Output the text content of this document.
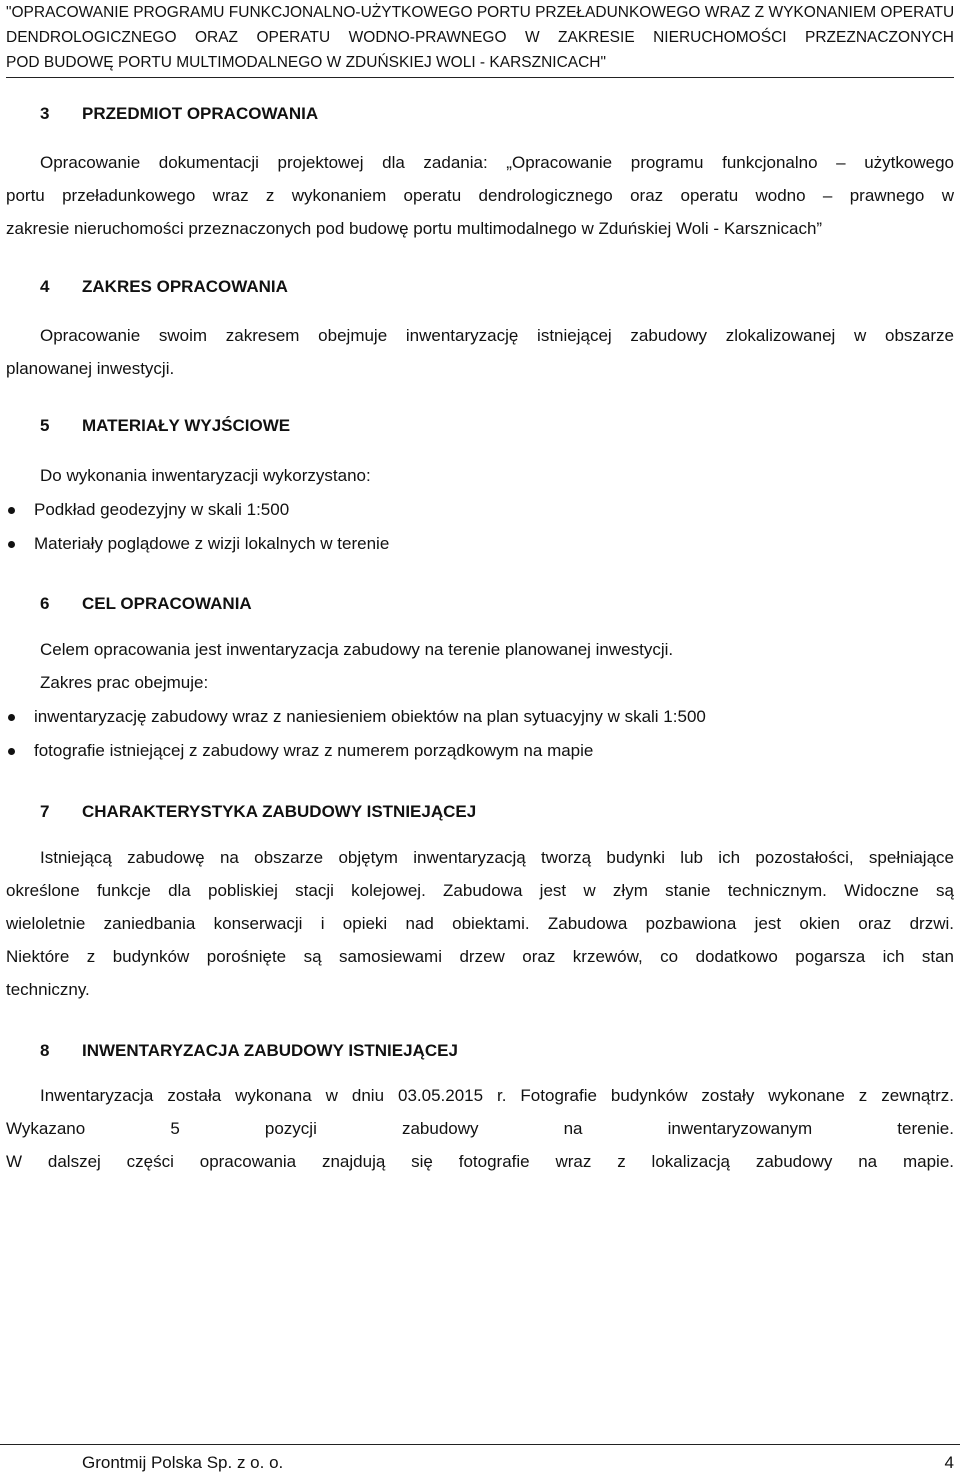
"OPRACOWANIE PROGRAMU FUNKCJONALNO-UŻYTKOWEGO PORTU PRZEŁADUNKOWEGO WRAZ Z WYKONANIEM OPERATU
DENDROLOGICZNEGO ORAZ OPERATU WODNO-PRAWNEGO W ZAKRESIE NIERUCHOMOŚCI PRZEZNACZONYCH
POD BUDOWĘ PORTU MULTIMODALNEGO W ZDUŃSKIEJ WOLI - KARSZNICACH"
3 PRZEDMIOT OPRACOWANIA
Opracowanie dokumentacji projektowej dla zadania: „Opracowanie programu funkcjonalno – użytkowego
portu przeładunkowego wraz z wykonaniem operatu dendrologicznego oraz operatu wodno – prawnego w
zakresie nieruchomości przeznaczonych pod budowę portu multimodalnego w Zduńskiej Woli - Karsznicach”
4 ZAKRES OPRACOWANIA
Opracowanie swoim zakresem obejmuje inwentaryzację istniejącej zabudowy zlokalizowanej w obszarze
planowanej inwestycji.
5 MATERIAŁY WYJŚCIOWE
Do wykonania inwentaryzacji wykorzystano:
Podkład geodezyjny w skali 1:500
Materiały poglądowe z wizji lokalnych w terenie
6 CEL OPRACOWANIA
Celem opracowania jest inwentaryzacja zabudowy na terenie planowanej inwestycji.
Zakres prac obejmuje:
inwentaryzację zabudowy wraz z naniesieniem obiektów na plan sytuacyjny w skali 1:500
fotografie istniejącej z zabudowy wraz z numerem porządkowym na mapie
7 CHARAKTERYSTYKA ZABUDOWY ISTNIEJĄCEJ
Istniejącą zabudowę na obszarze objętym inwentaryzacją tworzą budynki lub ich pozostałości, spełniające
określone funkcje dla pobliskiej stacji kolejowej. Zabudowa jest w złym stanie technicznym. Widoczne są
wieloletnie zaniedbania konserwacji i opieki nad obiektami. Zabudowa pozbawiona jest okien oraz drzwi.
Niektóre z budynków porośnięte są samosiewami drzew oraz krzewów, co dodatkowo pogarsza ich stan
techniczny.
8 INWENTARYZACJA ZABUDOWY ISTNIEJĄCEJ
Inwentaryzacja została wykonana w dniu 03.05.2015 r. Fotografie budynków zostały wykonane z zewnątrz.
Wykazano 5 pozycji zabudowy na inwentaryzowanym terenie.
W dalszej części opracowania znajdują się fotografie wraz z lokalizacją zabudowy na mapie.
Grontmij Polska Sp. z o. o.	4
